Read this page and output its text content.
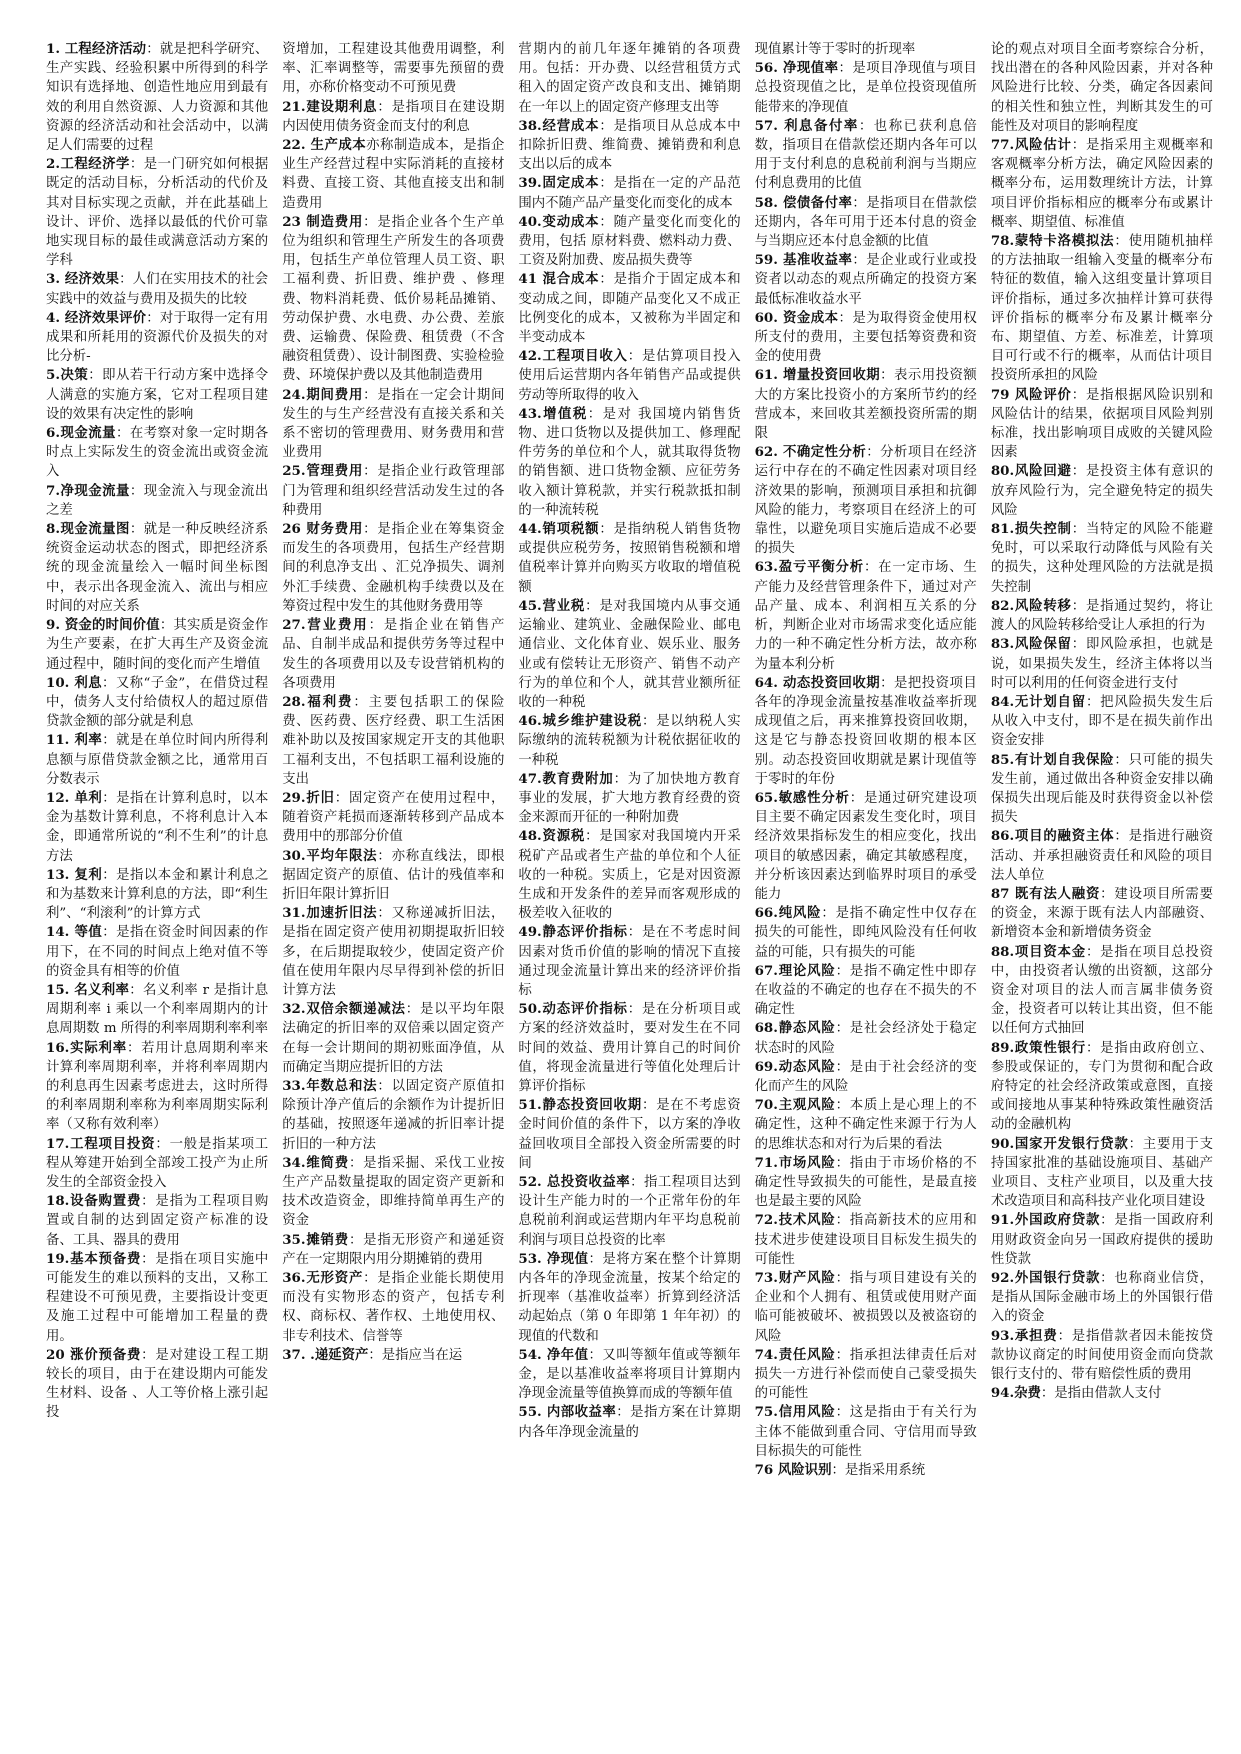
1. 工程经济活动：就是把科学研究、生产实践、经验积累中所得到的科学知识有选择地、创造性地应用到最有效的利用自然资源、人力资源和其他资源的经济活动和社会活动中，以满足人们需要的过程

2.工程经济学：是一门研究如何根据既定的活动目标，分析活动的代价及其对目标实现之贡献，并在此基础上设计、评价、选择以最低的代价可靠地实现目标的最佳或满意活动方案的学科

3. 经济效果：人们在实用技术的社会实践中的效益与费用及损失的比较

4. 经济效果评价：对于取得一定有用成果和所耗用的资源代价及损失的对比分析-

5.决策：即从若干行动方案中选择令人满意的实施方案，它对工程项目建设的效果有决定性的影响

6.现金流量：在考察对象一定时期各时点上实际发生的资金流出或资金流入

7.净现金流量：现金流入与现金流出之差

8.现金流量图：就是一种反映经济系统资金运动状态的图式，即把经济系统的现金流量绘入一幅时间坐标图中，表示出各现金流入、流出与相应时间的对应关系

9. 资金的时间价值：其实质是资金作为生产要素，在扩大再生产及资金流通过程中，随时间的变化而产生增值

10. 利息：又称“子金”，在借贷过程中，债务人支付给债权人的超过原借贷款金额的部分就是利息

11. 利率：就是在单位时间内所得利息额与原借贷款金额之比，通常用百分数表示

12. 单利：是指在计算利息时，以本金为基数计算利息，不将利息计入本金，即通常所说的“利不生利”的计息方法

13. 复利：是指以本金和累计利息之和为基数来计算利息的方法，即“利生利”、“利滚利”的计算方式

14. 等值：是指在资金时间因素的作用下，在不同的时间点上绝对值不等的资金具有相等的价值

15. 名义利率：名义利率 r 是指计息周期利率 i 乘以一个利率周期内的计息周期数 m 所得的利率周期利率利率

16.实际利率：若用计息周期利率来计算利率周期利率，并将利率周期内的利息再生因素考虑进去，这时所得的利率周期利率称为利率周期实际利率（又称有效利率）

17.工程项目投资：一般是指某项工程从筹建开始到全部竣工投产为止所发生的全部资金投入

18.设备购置费：是指为工程项目购置或自制的达到固定资产标准的设备、工具、器具的费用

19.基本预备费：是指在项目实施中可能发生的难以预料的支出，又称工程建设不可预见费，主要指设计变更及施工过程中可能增加工程量的费用。

20 涨价预备费：是对建设工程工期较长的项目，由于在建设期内可能发生材料、设备 、人工等价格上涨引起投

资增加，工程建设其他费用调整，利率、汇率调整等，需要事先预留的费用，亦称价格变动不可预见费

21.建设期利息：是指项目在建设期内因使用债务资金而支付的利息

22. 生产成本亦称制造成本，是指企业生产经营过程中实际消耗的直接材料费、直接工资、其他直接支出和制造费用

23 制造费用：是指企业各个生产单位为组织和管理生产所发生的各项费用，包括生产单位管理人员工资、职工福利费、折旧费、维护费 、修理费、物料消耗费、低价易耗品摊销、劳动保护费、水电费、办公费、差旅费、运输费、保险费、租赁费（不含融资租赁费）、设计制图费、实验检验费、环境保护费以及其他制造费用

24.期间费用：是指在一定会计期间发生的与生产经营没有直接关系和关系不密切的管理费用、财务费用和营业费用

25.管理费用：是指企业行政管理部门为管理和组织经营活动发生过的各种费用

26 财务费用：是指企业在筹集资金而发生的各项费用，包括生产经营期间的利息净支出 、汇兑净损失、调剂外汇手续费、金融机构手续费以及在筹资过程中发生的其他财务费用等

27.营业费用：是指企业在销售产品、自制半成品和提供劳务等过程中发生的各项费用以及专设营销机构的各项费用

28.福利费：主要包括职工的保险费、医药费、医疗经费、职工生活困难补助以及按国家规定开支的其他职工福利支出，不包括职工福利设施的支出

29.折旧：固定资产在使用过程中，随着资产耗损而逐渐转移到产品成本费用中的那部分价值

30.平均年限法：亦称直线法，即根据固定资产的原值、估计的残值率和折旧年限计算折旧

31.加速折旧法：又称递减折旧法，是指在固定资产使用初期提取折旧较多，在后期提取较少，使固定资产价值在使用年限内尽早得到补偿的折旧计算方法

32.双倍余额递减法：是以平均年限法确定的折旧率的双倍乘以固定资产在每一会计期间的期初账面净值，从而确定当期应提折旧的方法

33.年数总和法：以固定资产原值扣除预计净产值后的余额作为计提折旧的基础，按照逐年递减的折旧率计提折旧的一种方法

34.维简费：是指采掘、采伐工业按生产产品数量提取的固定资产更新和技术改造资金，即维持简单再生产的资金

35.摊销费：是指无形资产和递延资产在一定期限内用分期摊销的费用

36.无形资产：是指企业能长期使用而没有实物形态的资产，包括专利权、商标权、著作权、土地使用权、非专利技术、信誉等

37. .递延资产：是指应当在运

营期内的前几年逐年摊销的各项费用。包括：开办费、以经营租赁方式租入的固定资产改良和支出、摊销期在一年以上的固定资产修理支出等

38.经营成本：是指项目从总成本中扣除折旧费、维简费、摊销费和利息支出以后的成本

39.固定成本：是指在一定的产品范围内不随产品产量变化而变化的成本

40.变动成本：随产量变化而变化的费用，包括 原材料费、燃料动力费、 工资及附加费、废品损失费等

41 混合成本：是指介于固定成本和变动成之间，即随产品变化又不成正比例变化的成本，又被称为半固定和半变动成本

42.工程项目收入：是估算项目投入使用后运营期内各年销售产品或提供劳动等所取得的收入

43.增值税：是对 我国境内销售货物、进口货物以及提供加工、修理配件劳务的单位和个人，就其取得货物的销售额、进口货物金额、应征劳务收入额计算税款，并实行税款抵扣制的一种流转税

44.销项税额：是指纳税人销售货物或提供应税劳务，按照销售税额和增值税率计算并向购买方收取的增值税额

45.营业税：是对我国境内从事交通运输业、建筑业、金融保险业、邮电通信业、文化体育业、娱乐业、服务业或有偿转让无形资产、销售不动产行为的单位和个人，就其营业额所征收的一种税

46.城乡维护建设税：是以纳税人实际缴纳的流转税额为计税依据征收的一种税

47.教育费附加：为了加快地方教育事业的发展，扩大地方教育经费的资金来源而开征的一种附加费

48.资源税：是国家对我国境内开采税矿产品或者生产盐的单位和个人征收的一种税。实质上，它是对因资源生成和开发条件的差异而客观形成的极差收入征收的

49.静态评价指标：是在不考虑时间因素对货币价值的影响的情况下直接通过现金流量计算出来的经济评价指标

50.动态评价指标：是在分析项目或方案的经济效益时，要对发生在不同时间的效益、费用计算自己的时间价值，将现金流量进行等值化处理后计算评价指标

51.静态投资回收期：是在不考虑资金时间价值的条件下，以方案的净收益回收项目全部投入资金所需要的时间

52. 总投资收益率：指工程项目达到设计生产能力时的一个正常年份的年息税前利润或运营期内年平均息税前利润与项目总投资的比率

53. 净现值：是将方案在整个计算期内各年的净现金流量，按某个给定的折现率（基准收益率）折算到经济活动起始点（第 0 年即第 1 年年初）的现值的代数和

54. 净年值：又叫等额年值或等额年金，是以基准收益率将项目计算期内净现金流量等值换算而成的等额年值

55. 内部收益率：是指方案在计算期内各年净现金流量的

现值累计等于零时的折现率

56. 净现值率：是项目净现值与项目总投资现值之比，是单位投资现值所能带来的净现值

57. 利息备付率：也称已获利息倍数，指项目在借款偿还期内各年可以用于支付利息的息税前利润与当期应付利息费用的比值

58. 偿债备付率：是指项目在借款偿还期内，各年可用于还本付息的资金与当期应还本付息金额的比值

59. 基准收益率：是企业或行业或投资者以动态的观点所确定的投资方案最低标准收益水平

60. 资金成本：是为取得资金使用权所支付的费用，主要包括筹资费和资金的使用费

61. 增量投资回收期：表示用投资额大的方案比投资小的方案所节约的经营成本，来回收其差额投资所需的期限

62. 不确定性分析：分析项目在经济运行中存在的不确定性因素对项目经济效果的影响，预测项目承担和抗御风险的能力，考察项目在经济上的可靠性，以避免项目实施后造成不必要的损失

63.盈亏平衡分析：在一定市场、生产能力及经营管理条件下，通过对产品产量、成本、利润相互关系的分析，判断企业对市场需求变化适应能力的一种不确定性分析方法，故亦称为量本利分析

64. 动态投资回收期：是把投资项目各年的净现金流量按基准收益率折现成现值之后，再来推算投资回收期，这是它与静态投资回收期的根本区别。动态投资回收期就是累计现值等于零时的年份

65.敏感性分析：是通过研究建设项目主要不确定因素发生变化时，项目经济效果指标发生的相应变化，找出项目的敏感因素，确定其敏感程度，并分析该因素达到临界时项目的承受能力

66.纯风险：是指不确定性中仅存在损失的可能性，即纯风险没有任何收益的可能，只有损失的可能

67.理论风险：是指不确定性中即存在收益的不确定的也存在不损失的不确定性

68.静态风险：是社会经济处于稳定状态时的风险

69.动态风险：是由于社会经济的变化而产生的风险

70.主观风险：本质上是心理上的不确定性，这种不确定性来源于行为人的思维状态和对行为后果的看法

71.市场风险：指由于市场价格的不确定性导致损失的可能性，是最直接也是最主要的风险

72.技术风险：指高新技术的应用和技术进步使建设项目目标发生损失的可能性

73.财产风险：指与项目建设有关的企业和个人拥有、租赁或使用财产面临可能被破坏、被损毁以及被盗窃的风险

74.责任风险：指承担法律责任后对损失一方进行补偿而使自己蒙受损失的可能性

75.信用风险：这是指由于有关行为主体不能做到重合同、守信用而导致目标损失的可能性

76 风险识别：是指采用系统

论的观点对项目全面考察综合分析，找出潜在的各种风险因素，并对各种风险进行比较、分类，确定各因素间的相关性和独立性，判断其发生的可能性及对项目的影响程度

77.风险估计：是指采用主观概率和客观概率分析方法，确定风险因素的概率分布，运用数理统计方法，计算项目评价指标相应的概率分布或累计概率、期望值、标准值

78.蒙特卡洛模拟法：使用随机抽样的方法抽取一组输入变量的概率分布特征的数值，输入这组变量计算项目评价指标，通过多次抽样计算可获得评价指标的概率分布及累计概率分布、期望值、方差、标准差，计算项目可行或不行的概率，从而估计项目投资所承担的风险

79 风险评价：是指根据风险识别和风险估计的结果，依据项目风险判别标准，找出影响项目成败的关键风险因素

80.风险回避：是投资主体有意识的放弃风险行为，完全避免特定的损失风险

81.损失控制：当特定的风险不能避免时，可以采取行动降低与风险有关的损失，这种处理风险的方法就是损失控制

82.风险转移：是指通过契约，将让渡人的风险转移给受让人承担的行为

83.风险保留：即风险承担，也就是说，如果损失发生，经济主体将以当时可以利用的任何资金进行支付

84.无计划自留：把风险损失发生后从收入中支付，即不是在损失前作出资金安排

85.有计划自我保险：只可能的损失发生前，通过做出各种资金安排以确保损失出现后能及时获得资金以补偿损失

86.项目的融资主体：是指进行融资活动、并承担融资责任和风险的项目法人单位

87 既有法人融资：建设项目所需要的资金，来源于既有法人内部融资、新增资本金和新增债务资金

88.项目资本金：是指在项目总投资中，由投资者认缴的出资额，这部分资金对项目的法人而言属非债务资金，投资者可以转让其出资，但不能以任何方式抽回

89.政策性银行：是指由政府创立、参股或保证的，专门为贯彻和配合政府特定的社会经济政策或意图，直接或间接地从事某种特殊政策性融资活动的金融机构

90.国家开发银行贷款：主要用于支持国家批准的基础设施项目、基础产业项目、支柱产业项目，以及重大技术改造项目和高科技产业化项目建设

91.外国政府贷款：是指一国政府利用财政资金向另一国政府提供的援助性贷款

92.外国银行贷款：也称商业信贷，是指从国际金融市场上的外国银行借入的资金

93.承担费：是指借款者因未能按贷款协议商定的时间使用资金而向贷款银行支付的、带有赔偿性质的费用

94.杂费：是指由借款人支付
